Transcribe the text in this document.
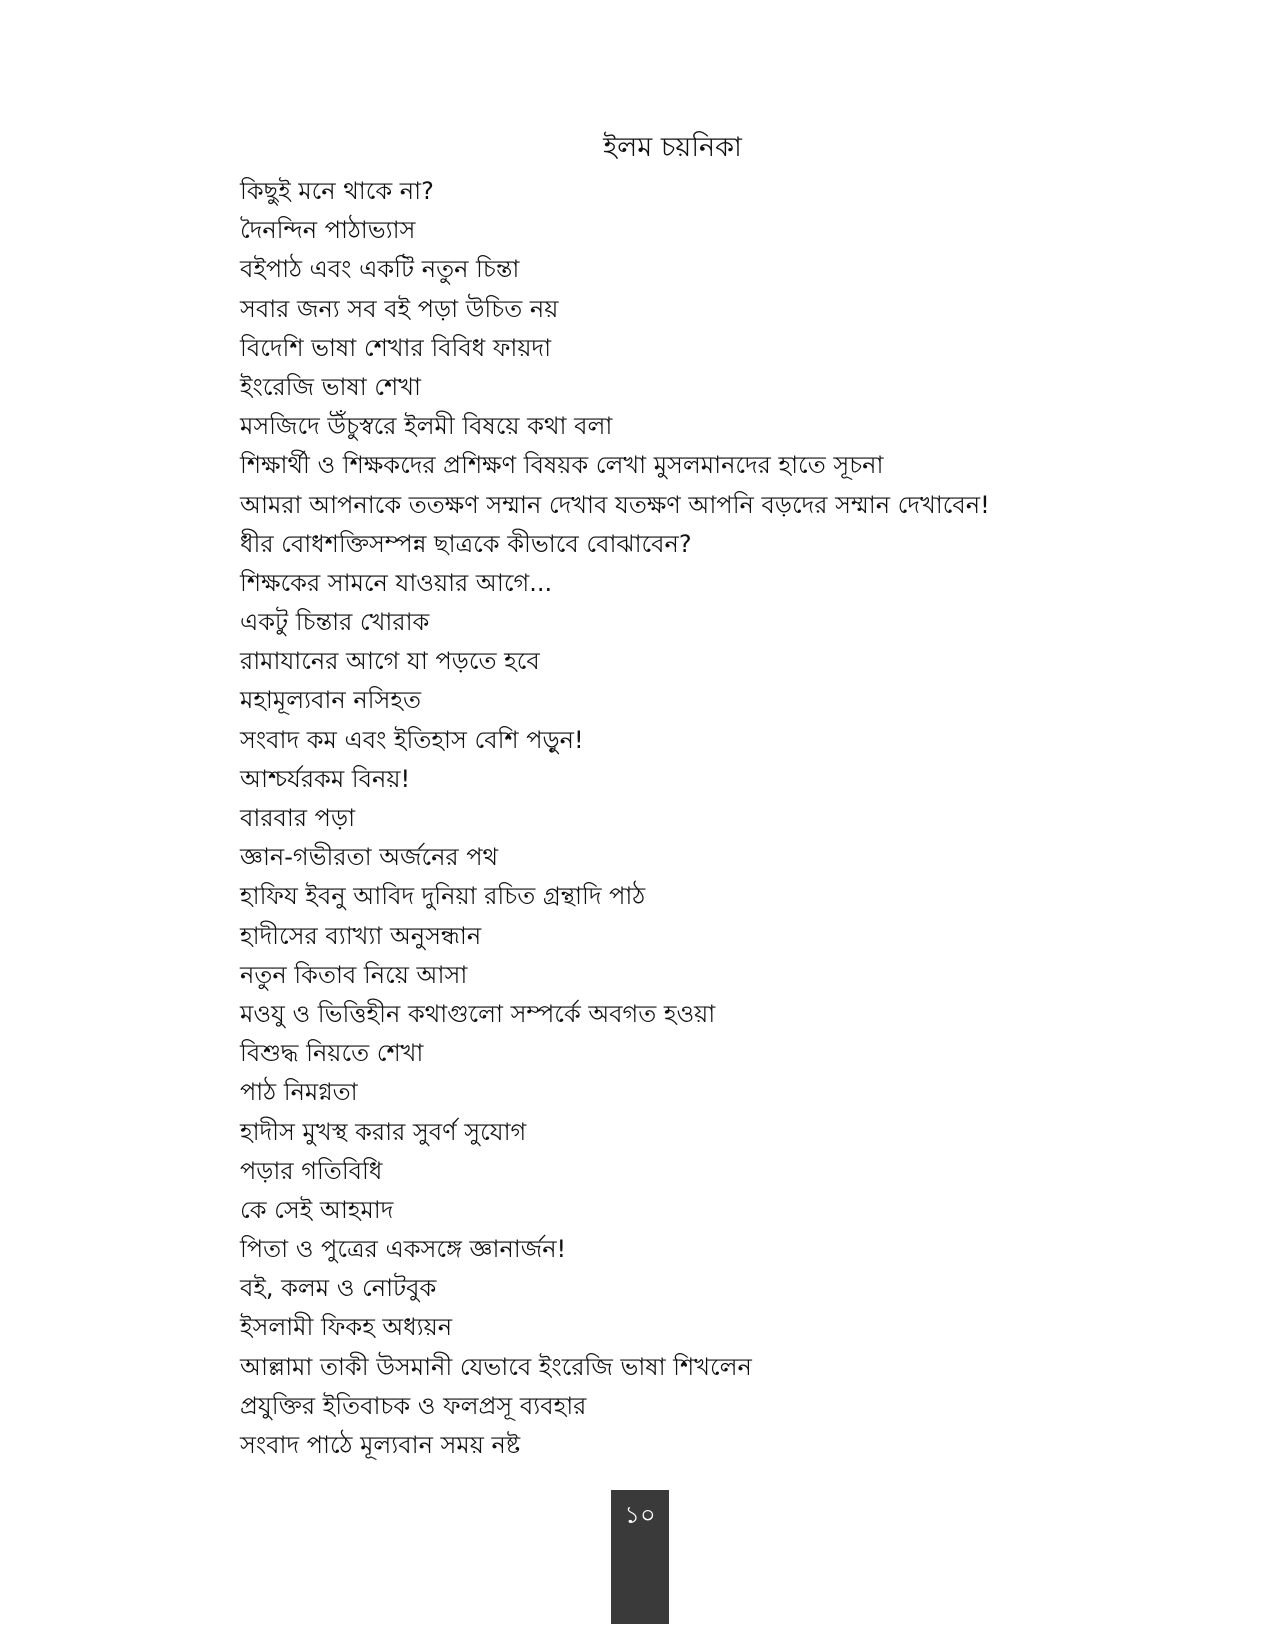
ইলম চয়নিকা
কিছুই মনে থাকে না?
দৈনন্দিন পাঠাভ্যাস
বইপাঠ এবং একটি নতুন চিন্তা
সবার জন্য সব বই পড়া উচিত নয়
বিদেশি ভাষা শেখার বিবিধ ফায়দা
ইংরেজি ভাষা শেখা
মসজিদে উঁচুস্বরে ইলমী বিষয়ে কথা বলা
শিক্ষার্থী ও শিক্ষকদের প্রশিক্ষণ বিষয়ক লেখা মুসলমানদের হাতে সূচনা
আমরা আপনাকে ততক্ষণ সম্মান দেখাব যতক্ষণ আপনি বড়দের সম্মান দেখাবেন!
ধীর বোধশক্তিসম্পন্ন ছাত্রকে কীভাবে বোঝাবেন?
শিক্ষকের সামনে যাওয়ার আগে...
একটু চিন্তার খোরাক
রামাযানের আগে যা পড়তে হবে
মহামূল্যবান নসিহত
সংবাদ কম এবং ইতিহাস বেশি পড়ুন!
আশ্চর্যরকম বিনয়!
বারবার পড়া
জ্ঞান-গভীরতা অর্জনের পথ
হাফিয ইবনু আবিদ দুনিয়া রচিত গ্রন্থাদি পাঠ
হাদীসের ব্যাখ্যা অনুসন্ধান
নতুন কিতাব নিয়ে আসা
মওযু ও ভিত্তিহীন কথাগুলো সম্পর্কে অবগত হওয়া
বিশুদ্ধ নিয়তে শেখা
পাঠ নিমগ্নতা
হাদীস মুখস্থ করার সুবর্ণ সুযোগ
পড়ার গতিবিধি
কে সেই আহমাদ
পিতা ও পুত্রের একসঙ্গে জ্ঞানার্জন!
বই, কলম ও নোটবুক
ইসলামী ফিকহ অধ্যয়ন
আল্লামা তাকী উসমানী যেভাবে ইংরেজি ভাষা শিখলেন
প্রযুক্তির ইতিবাচক ও ফলপ্রসূ ব্যবহার
সংবাদ পাঠে মূল্যবান সময় নষ্ট
১০
